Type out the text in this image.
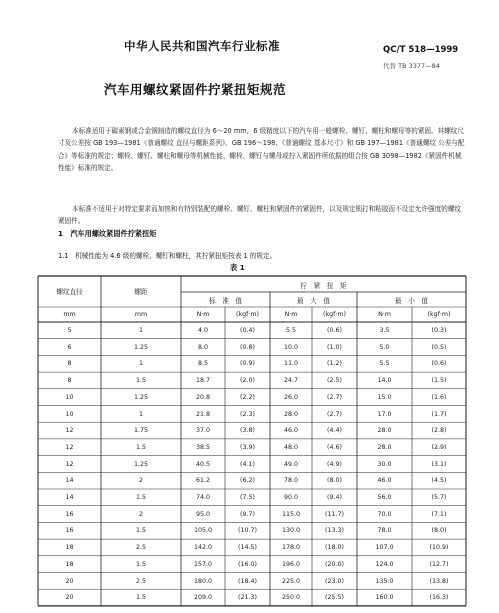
中华人民共和国汽车行业标准	QC/T 518—1999
代替 TB 3377—84
汽车用螺纹紧固件拧紧扭矩规范
本标准适用于碳素钢或合金钢制造的螺纹直径为 6～20 mm，6 级精度以下的汽车用一般螺栓、螺钉、螺柱和螺母等的紧固。其螺纹尺寸及公差按 GB 193—1981《普通螺纹 直径与螺距系列》、GB 196～198、《普通螺纹 基本尺寸》和 GB 197—1981《普通螺纹 公差与配合》等标准的规定；螺栓、螺钉、螺柱和螺母等机械性能、螺栓、螺钉与螺母或拧入紧固件所依据的组合按 GB 3098—1982《紧固件机械性能》标准的规定。
本标准不适用于对特定要求而加热和有特别装配的螺栓、螺钉、螺柱和紧固件的紧固件，以及规定锁打和粘胶而不设定允许强度的螺纹紧固件。
1　汽车用螺纹紧固件拧紧扭矩
1.1　机械性能为 4.6 级的螺栓、螺钉和螺柱，其拧紧扭矩按表 1 的规定。
表 1
螺纹直径	螺距
拧　紧　扭　矩
标　准　值	最　大　值	最　小　值
mm	mm	N·m	(kgf·m)	N·m	(kgf·m)	N·m	(kgf·m)
5	1	4.0	(0.4)	5.5	(0.6)	3.5	(0.3)
6	1.25	8.0	(0.8)	10.0	(1.0)	5.0	(0.5)
8	1	8.5	(0.9)	11.0	(1.2)	5.5	(0.6)
8	1.5	18.7	(2.0)	24.7	(2.5)	14.0	(1.5)
10	1.25	20.8	(2.2)	26.0	(2.7)	15.0	(1.6)
10	1	21.8	(2.3)	28.0	(2.7)	17.0	(1.7)
12	1.75	37.0	(3.8)	46.0	(4.4)	28.0	(2.8)
12	1.5	38.5	(3.9)	48.0	(4.6)	28.0	(2.9)
12	1.25	40.5	(4.1)	49.0	(4.9)	30.0	(3.1)
14	2	61.2	(6.2)	78.0	(8.0)	46.0	(4.5)
14	1.5	74.0	(7.5)	90.0	(9.4)	56.0	(5.7)
16	2	95.0	(9.7)	115.0	(11.7)	70.0	(7.1)
16	1.5	105.0	(10.7)	130.0	(13.3)	78.0	(8.0)
18	2.5	142.0	(14.5)	178.0	(18.0)	107.0	(10.9)
18	1.5	157.0	(16.0)	196.0	(20.0)	124.0	(12.7)
20	2.5	180.0	(18.4)	225.0	(23.0)	135.0	(13.8)
20	1.5	209.0	(21.3)	250.0	(25.5)	160.0	(16.3)
